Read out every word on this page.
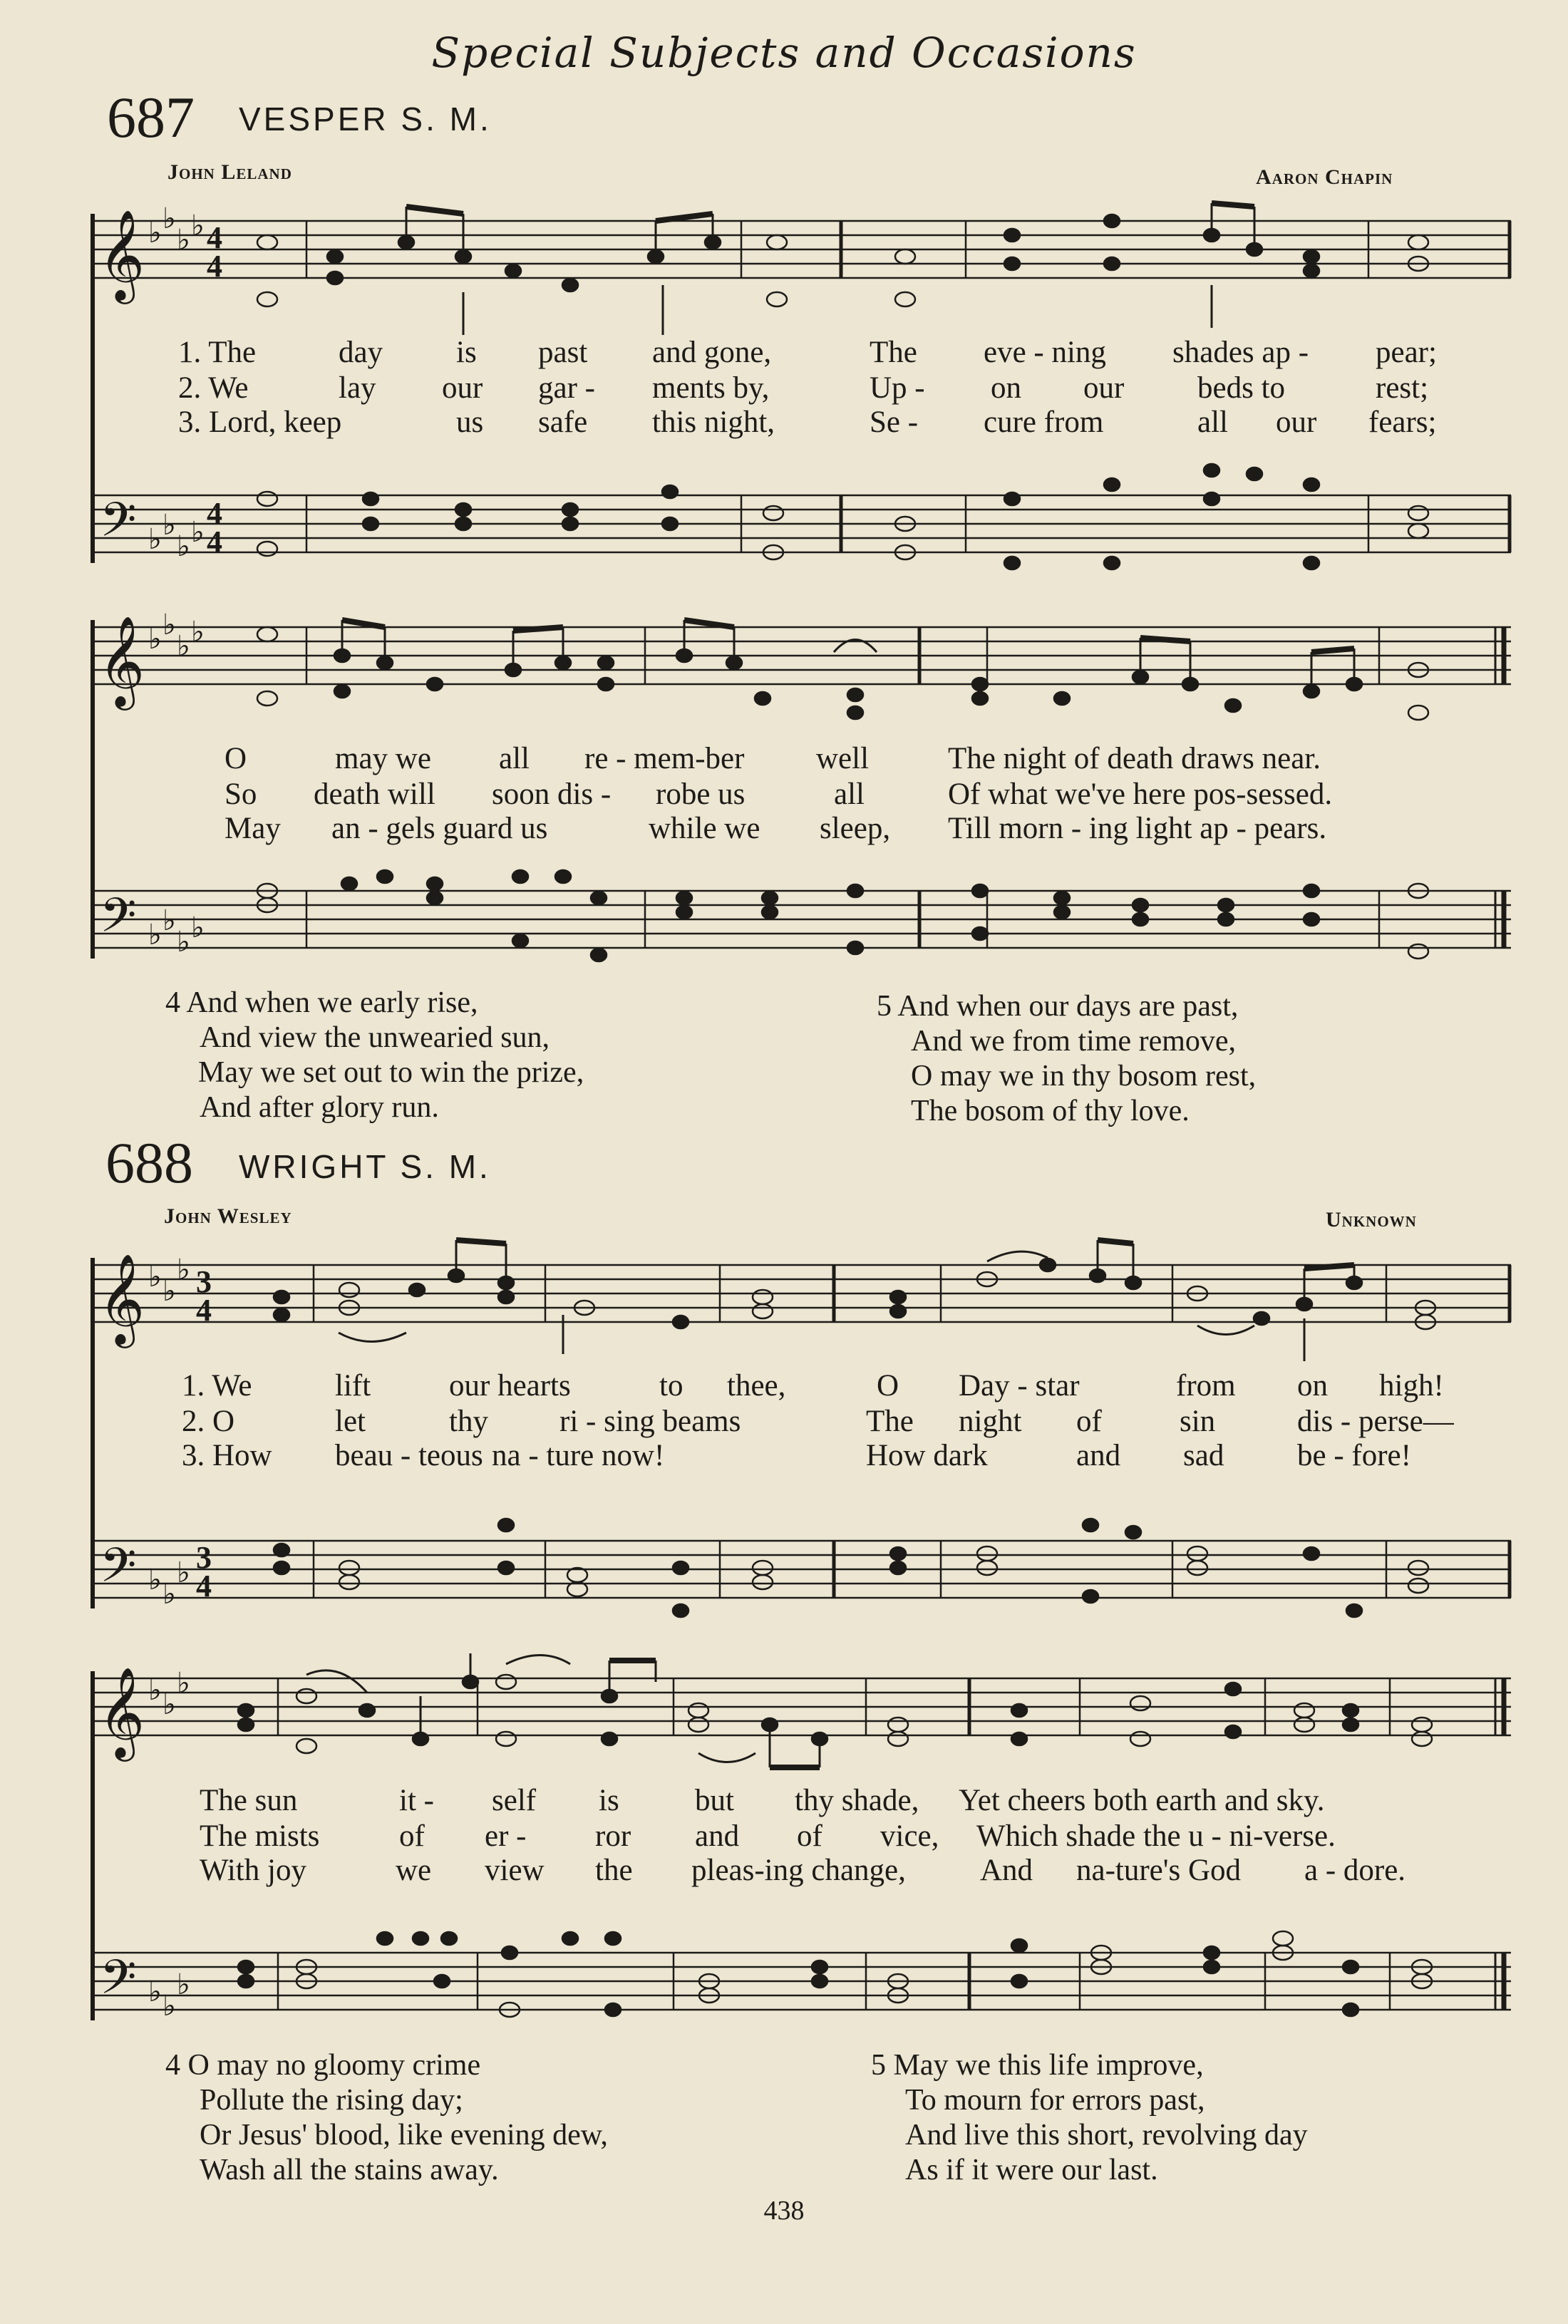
Special Subjects and Occasions
687 VESPER S. M.
John Leland	Aaron Chapin
𝄞
𝄢
𝄞
𝄢
𝄞
𝄢
𝄞
𝄢
♭ ♭
♭ ♭
♭ ♭
♭ ♭
♭ ♭
♭ ♭
♭ ♭
♭ ♭
♭ ♭
♭
♭ ♭
♭
♭ ♭
♭
♭ ♭
♭
4
4
4
4
3
4
3
4
1. The	day is past and gone,	The eve - ning shades ap - pear;
2. We	lay our gar - ments by,	Up - on our beds to	rest;
3. Lord, keep	us safe this night,	Se - cure from	all our fears;
O	may we all re - mem-ber well	The night of death draws near.
So death will soon dis - robe us	all	Of what we've here pos-sessed.
May an - gels guard us	while we sleep, Till morn - ing light ap - pears.
4 And when we early rise,
And view the unwearied sun,
May we set out to win the prize,
And after glory run.
5 And when our days are past,
And we from time remove,
O may we in thy bosom rest,
The bosom of thy love.
688 WRIGHT S. M.
John Wesley	Unknown
1. We	lift	our hearts	to thee,	O Day - star	from on high!
2. O	let	thy ri - sing beams	The night of	sin	dis - perse—
3. How beau - teous na - ture now!	How dark	and sad be - fore!
The sun	it - self is but thy shade, Yet cheers both earth and sky.
The mists	of er - ror and of vice, Which shade the u - ni-verse.
With joy	we view the pleas-ing change, And na-ture's God a - dore.
4 O may no gloomy crime
Pollute the rising day;
Or Jesus' blood, like evening dew,
Wash all the stains away.
5 May we this life improve,
To mourn for errors past,
And live this short, revolving day
As if it were our last.
438
